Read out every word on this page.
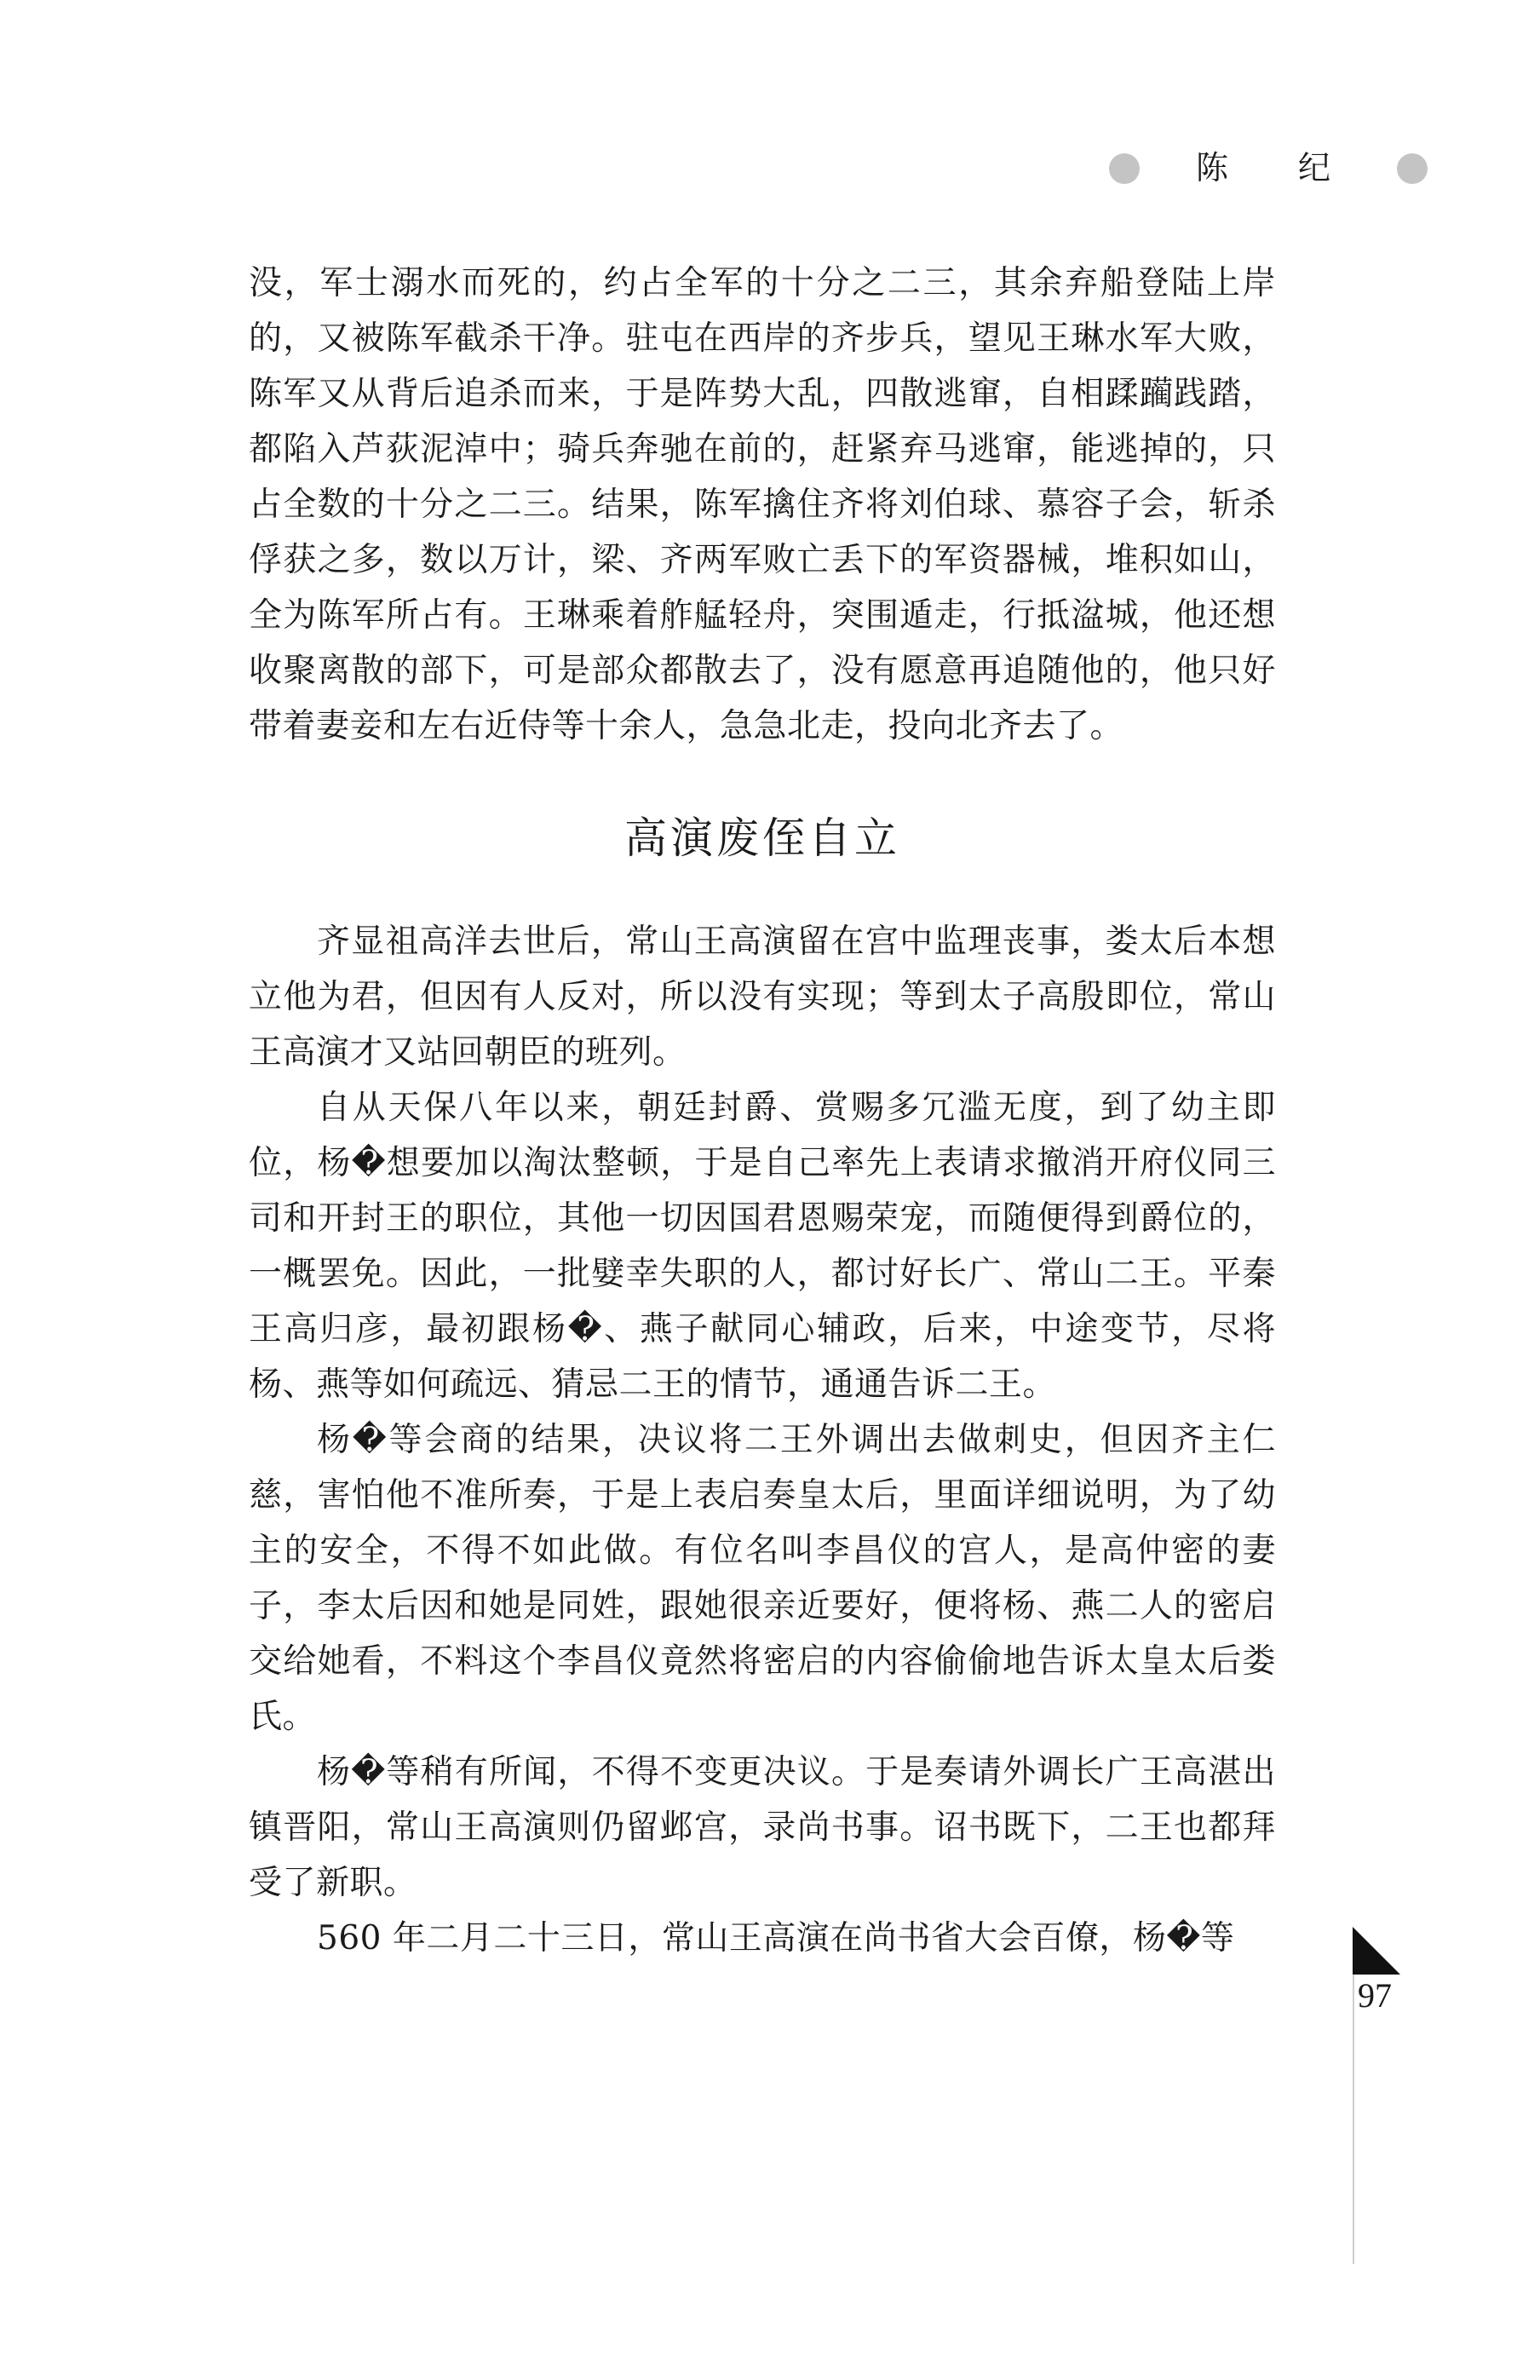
陈 纪

没，军士溺水而死的，约占全军的十分之二三，其余弃船登陆上岸的，又被陈军截杀干净。驻屯在西岸的齐步兵，望见王琳水军大败，陈军又从背后追杀而来，于是阵势大乱，四散逃窜，自相蹂躏践踏，都陷入芦荻泥淖中；骑兵奔驰在前的，赶紧弃马逃窜，能逃掉的，只占全数的十分之二三。结果，陈军擒住齐将刘伯球、慕容子会，斩杀俘获之多，数以万计，梁、齐两军败亡丢下的军资器械，堆积如山，全为陈军所占有。王琳乘着舴艋轻舟，突围遁走，行抵湓城，他还想收聚离散的部下，可是部众都散去了，没有愿意再追随他的，他只好带着妻妾和左右近侍等十余人，急急北走，投向北齐去了。

高演废侄自立

齐显祖高洋去世后，常山王高演留在宫中监理丧事，娄太后本想立他为君，但因有人反对，所以没有实现；等到太子高殷即位，常山王高演才又站回朝臣的班列。

自从天保八年以来，朝廷封爵、赏赐多冗滥无度，到了幼主即位，杨�想要加以淘汰整顿，于是自己率先上表请求撤消开府仪同三司和开封王的职位，其他一切因国君恩赐荣宠，而随便得到爵位的，一概罢免。因此，一批嬖幸失职的人，都讨好长广、常山二王。平秦王高归彦，最初跟杨�、燕子献同心辅政，后来，中途变节，尽将杨、燕等如何疏远、猜忌二王的情节，通通告诉二王。

杨�等会商的结果，决议将二王外调出去做刺史，但因齐主仁慈，害怕他不准所奏，于是上表启奏皇太后，里面详细说明，为了幼主的安全，不得不如此做。有位名叫李昌仪的宫人，是高仲密的妻子，李太后因和她是同姓，跟她很亲近要好，便将杨、燕二人的密启交给她看，不料这个李昌仪竟然将密启的内容偷偷地告诉太皇太后娄氏。

杨�等稍有所闻，不得不变更决议。于是奏请外调长广王高湛出镇晋阳，常山王高演则仍留邺宫，录尚书事。诏书既下，二王也都拜受了新职。

560 年二月二十三日，常山王高演在尚书省大会百僚，杨�等

97
